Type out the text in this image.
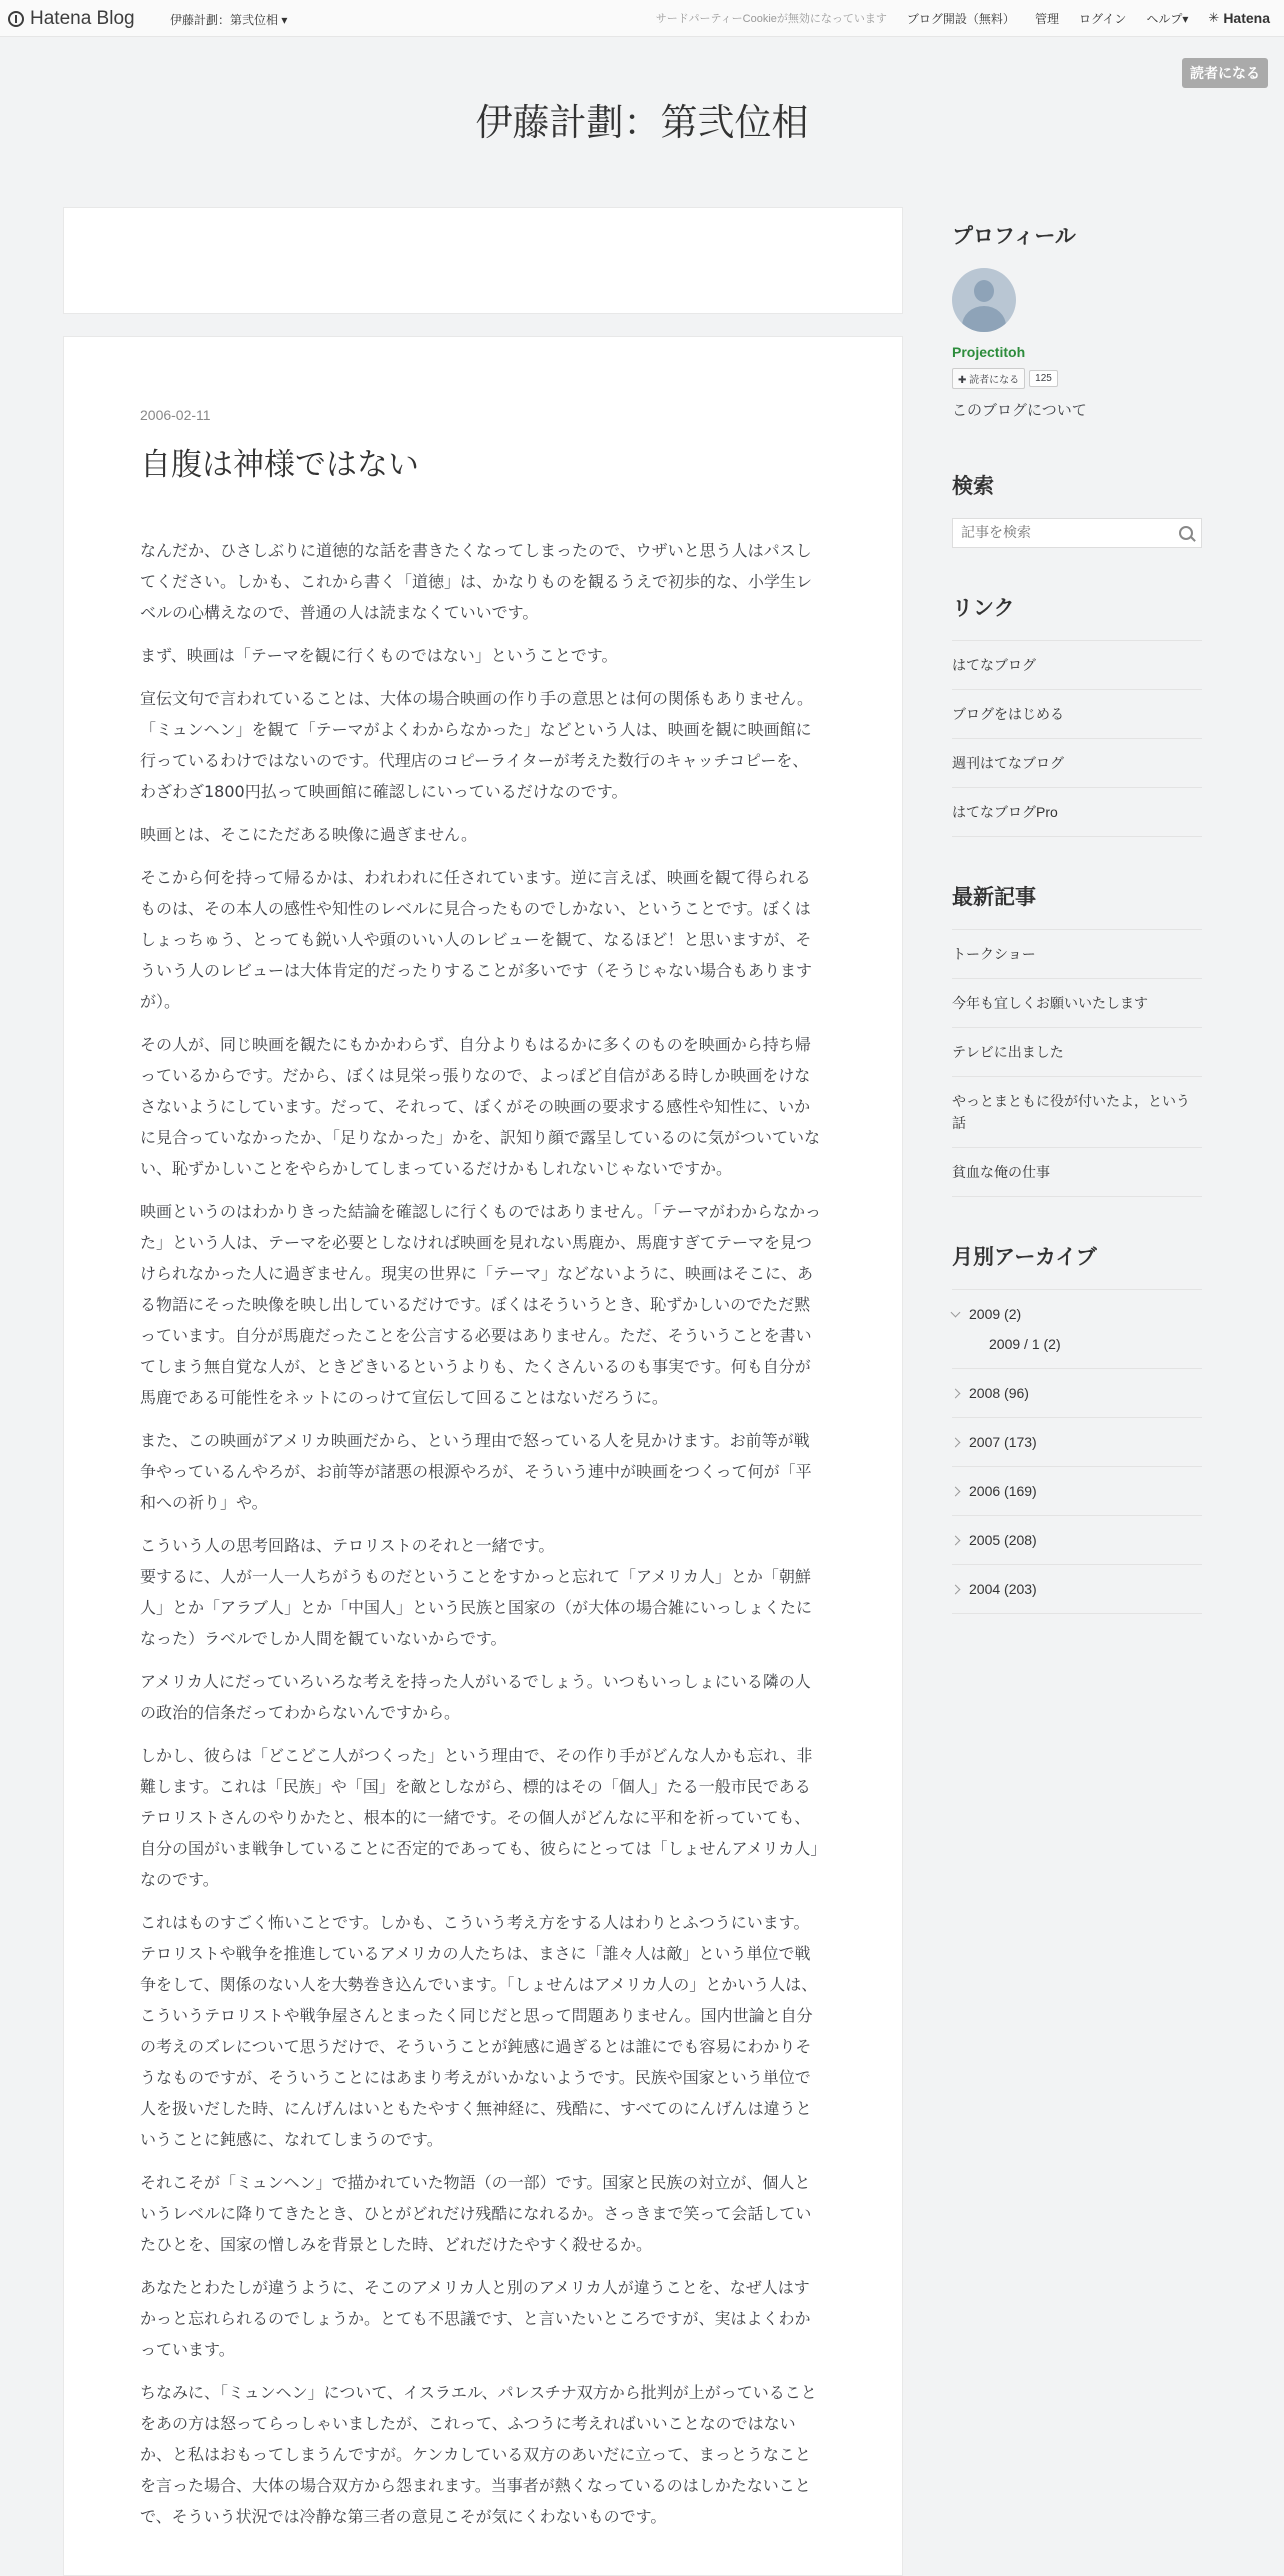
Hatena Blog	伊藤計劃：第弐位相 ▾	サードパーティーCookieが無効になっています ブログ開設（無料） 管理 ログイン ヘルプ▾ ✳ Hatena
読者になる
伊藤計劃：第弐位相
2006-02-11
自腹は神様ではない

なんだか、ひさしぶりに道徳的な話を書きたくなってしまったので、ウザいと思う人はパスしてください。しかも、これから書く「道徳」は、かなりものを観るうえで初歩的な、小学生レベルの心構えなので、普通の人は読まなくていいです。

まず、映画は「テーマを観に行くものではない」ということです。

宣伝文句で言われていることは、大体の場合映画の作り手の意思とは何の関係もありません。「ミュンヘン」を観て「テーマがよくわからなかった」などという人は、映画を観に映画館に行っているわけではないのです。代理店のコピーライターが考えた数行のキャッチコピーを、わざわざ1800円払って映画館に確認しにいっているだけなのです。

映画とは、そこにただある映像に過ぎません。

そこから何を持って帰るかは、われわれに任されています。逆に言えば、映画を観て得られるものは、その本人の感性や知性のレベルに見合ったものでしかない、ということです。ぼくはしょっちゅう、とっても鋭い人や頭のいい人のレビューを観て、なるほど！と思いますが、そういう人のレビューは大体肯定的だったりすることが多いです（そうじゃない場合もありますが）。

その人が、同じ映画を観たにもかかわらず、自分よりもはるかに多くのものを映画から持ち帰っているからです。だから、ぼくは見栄っ張りなので、よっぽど自信がある時しか映画をけなさないようにしています。だって、それって、ぼくがその映画の要求する感性や知性に、いかに見合っていなかったか、「足りなかった」かを、訳知り顔で露呈しているのに気がついていない、恥ずかしいことをやらかしてしまっているだけかもしれないじゃないですか。

映画というのはわかりきった結論を確認しに行くものではありません。「テーマがわからなかった」という人は、テーマを必要としなければ映画を見れない馬鹿か、馬鹿すぎてテーマを見つけられなかった人に過ぎません。現実の世界に「テーマ」などないように、映画はそこに、ある物語にそった映像を映し出しているだけです。ぼくはそういうとき、恥ずかしいのでただ黙っています。自分が馬鹿だったことを公言する必要はありません。ただ、そういうことを書いてしまう無自覚な人が、ときどきいるというよりも、たくさんいるのも事実です。何も自分が馬鹿である可能性をネットにのっけて宣伝して回ることはないだろうに。

また、この映画がアメリカ映画だから、という理由で怒っている人を見かけます。お前等が戦争やっているんやろが、お前等が諸悪の根源やろが、そういう連中が映画をつくって何が「平和への祈り」や。

こういう人の思考回路は、テロリストのそれと一緒です。
要するに、人が一人一人ちがうものだということをすかっと忘れて「アメリカ人」とか「朝鮮人」とか「アラブ人」とか「中国人」という民族と国家の（が大体の場合雑にいっしょくたになった）ラベルでしか人間を観ていないからです。

アメリカ人にだっていろいろな考えを持った人がいるでしょう。いつもいっしょにいる隣の人の政治的信条だってわからないんですから。

しかし、彼らは「どこどこ人がつくった」という理由で、その作り手がどんな人かも忘れ、非難します。これは「民族」や「国」を敵としながら、標的はその「個人」たる一般市民であるテロリストさんのやりかたと、根本的に一緒です。その個人がどんなに平和を祈っていても、自分の国がいま戦争していることに否定的であっても、彼らにとっては「しょせんアメリカ人」なのです。

これはものすごく怖いことです。しかも、こういう考え方をする人はわりとふつうにいます。テロリストや戦争を推進しているアメリカの人たちは、まさに「誰々人は敵」という単位で戦争をして、関係のない人を大勢巻き込んでいます。「しょせんはアメリカ人の」とかいう人は、こういうテロリストや戦争屋さんとまったく同じだと思って問題ありません。国内世論と自分の考えのズレについて思うだけで、そういうことが鈍感に過ぎるとは誰にでも容易にわかりそうなものですが、そういうことにはあまり考えがいかないようです。民族や国家という単位で人を扱いだした時、にんげんはいともたやすく無神経に、残酷に、すべてのにんげんは違うということに鈍感に、なれてしまうのです。

それこそが「ミュンヘン」で描かれていた物語（の一部）です。国家と民族の対立が、個人というレベルに降りてきたとき、ひとがどれだけ残酷になれるか。さっきまで笑って会話していたひとを、国家の憎しみを背景とした時、どれだけたやすく殺せるか。

あなたとわたしが違うように、そこのアメリカ人と別のアメリカ人が違うことを、なぜ人はすかっと忘れられるのでしょうか。とても不思議です、と言いたいところですが、実はよくわかっています。

ちなみに、「ミュンヘン」について、イスラエル、パレスチナ双方から批判が上がっていることをあの方は怒ってらっしゃいましたが、これって、ふつうに考えればいいことなのではないか、と私はおもってしまうんですが。ケンカしている双方のあいだに立って、まっとうなことを言った場合、大体の場合双方から怨まれます。当事者が熱くなっているのはしかたないことで、そういう状況では冷静な第三者の意見こそが気にくわないものです。

プロフィール
Projectitoh
✚ 読者になる	125
このブログについて
検索
記事を検索
リンク
はてなブログ
ブログをはじめる
週刊はてなブログ
はてなブログPro
最新記事
トークショー
今年も宜しくお願いいたします
テレビに出ました
やっとまともに役が付いたよ，という話
貧血な俺の仕事
月別アーカイブ
2009 (2)
2009 / 1 (2)
2008 (96)
2007 (173)
2006 (169)
2005 (208)
2004 (203)
